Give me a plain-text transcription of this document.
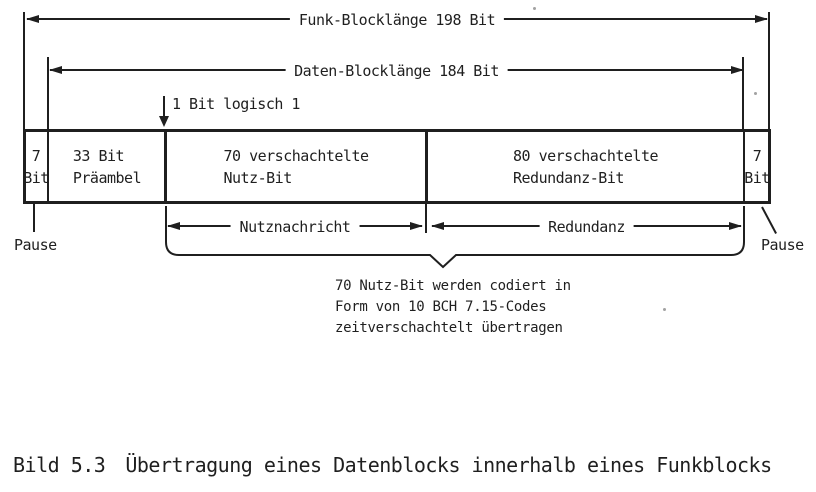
Funk-Blocklänge 198 Bit
Daten-Blocklänge 184 Bit
1 Bit logisch 1
7
Bit
33 Bit
Präambel
70 verschachtelte
Nutz-Bit
80 verschachtelte
Redundanz-Bit
7
Bit
Pause	Pause
Nutznachricht	Redundanz
70 Nutz-Bit werden codiert in
Form von 10 BCH 7.15-Codes
zeitverschachtelt übertragen
Bild 5.3 Übertragung eines Datenblocks innerhalb eines Funkblocks
